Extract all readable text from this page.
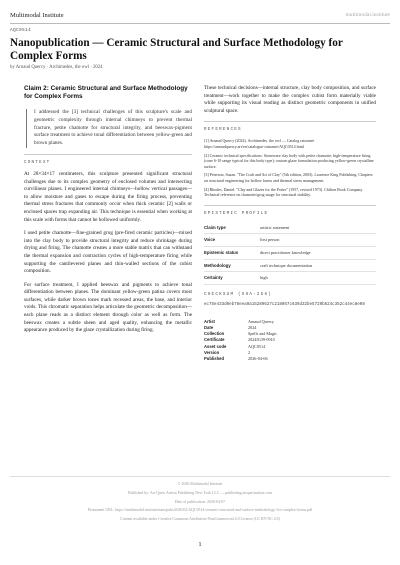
Multimodal Institute	multimodal.institute
AQC0514
Nanopublication — Ceramic Structural and Surface Methodology for Complex Forms
by Arnaud Quercy · Archimedes, the owl · 2024
Claim 2: Ceramic Structural and Surface Methodology for Complex Forms
I addressed the [3] technical challenges of this sculpture's scale and geometric complexity through internal chimneys to prevent thermal fracture, petite chamotte for structural integrity, and beeswax-pigment surface treatment to achieve tonal differentiation between yellow-green and brown planes.
CONTEXT

At 28×34×17 centimeters, this sculpture presented significant structural challenges due to its complex geometry of enclosed volumes and intersecting curvilinear planes. I engineered internal chimneys—hollow vertical passages—to allow moisture and gases to escape during the firing process, preventing thermal stress fractures that commonly occur when thick ceramic [2] walls or enclosed spaces trap expanding air. This technique is essential when working at this scale with forms that cannot be hollowed uniformly.

I used petite chamotte—fine-grained grog (pre-fired ceramic particles)—mixed into the clay body to provide structural integrity and reduce shrinkage during drying and firing. The chamotte creates a more stable matrix that can withstand the thermal expansion and contraction cycles of high-temperature firing while supporting the cantilevered planes and thin-walled sections of the cubist composition.

For surface treatment, I applied beeswax and pigments to achieve tonal differentiation between planes. The dominant yellow-green patina covers most surfaces, while darker brown tones mark recessed areas, the base, and interior voids. This chromatic separation helps articulate the geometric decomposition—each plane reads as a distinct element through color as well as form. The beeswax creates a subtle sheen and aged quality, enhancing the metallic appearance produced by the glaze crystallization during firing.

These technical decisions—internal structure, clay body composition, and surface treatment—work together to make the complex cubist form materially viable while supporting its visual reading as distinct geometric components in unified sculptural space.

REFERENCES
[1] Arnaud Quercy (2024). Archimedes, the owl — Catalog raisonné. https://arnaudquercy.art/en/catalogue-raisonne/AQC0514.html
[2] Ceramic technical specifications: Stoneware clay body with petite chamotte; high-temperature firing (cone 6-10 range typical for this body type); custom glaze formulation producing yellow-green crystalline surface.
[3] Peterson, Susan. "The Craft and Art of Clay" (5th edition, 2003). Laurence King Publishing. Chapters on structural engineering for hollow forms and thermal stress management.
[4] Rhodes, Daniel. "Clay and Glazes for the Potter" (1957, revised 1973). Chilton Book Company. Technical reference on chamotte/grog usage for structural stability.
EPISTEMIC PROFILE
Claim type	artistic statement
Voice	first person
Epistemic status	direct practitioner knowledge
Methodology	craft technique documentation
Certainty	high
CHECKSUM (SHA-256)
ec75e433d0eb78eea9a15289627c218867c639d32be5729b624c352c44ec8e08
Artist	Arnaud Quercy
Date	2024
Collection	Spells and Magic
Certificate	2024IG39-0910
Asset code	AQC0514
Version	2
Published	2026-04-06

© 2026 Multimodal Institute

Published by: Art Quest Artista Publishing New York LLC — publishing.artquestartista.com

Date of publication: 2026-04-07

Permanent URL: https://multimodal.institute/nanopubs/2026/02/AQC0514-ceramic-structural-and-surface-methodology-for-complex-forms.pdf

Content available under Creative Commons Attribution-NonCommercial 4.0 License (CC BY-NC 4.0)

1
